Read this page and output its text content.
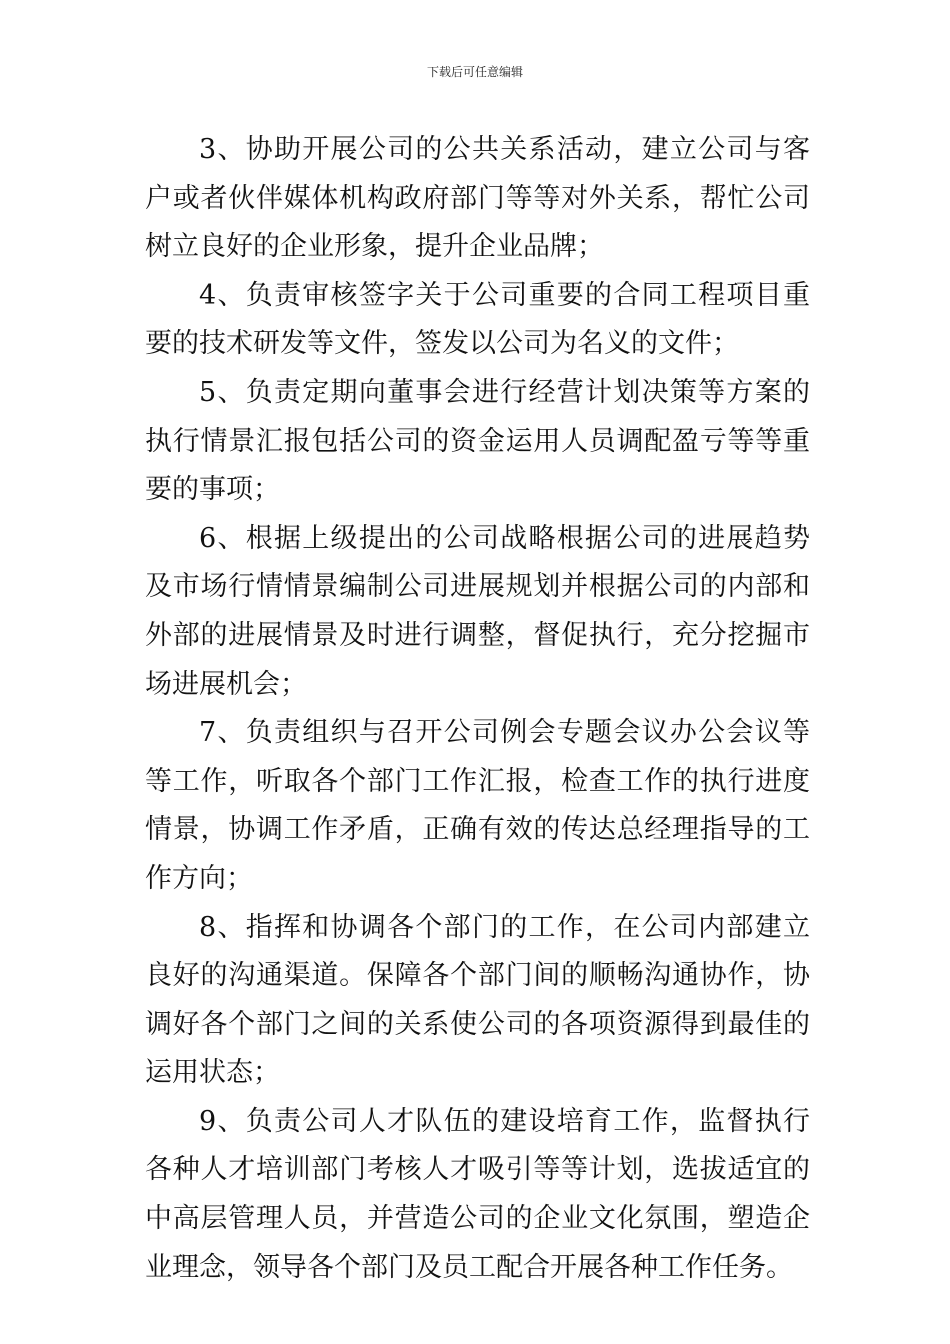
下载后可任意编辑

3、协助开展公司的公共关系活动，建立公司与客户或者伙伴媒体机构政府部门等等对外关系，帮忙公司树立良好的企业形象，提升企业品牌；

4、负责审核签字关于公司重要的合同工程项目重要的技术研发等文件，签发以公司为名义的文件；

5、负责定期向董事会进行经营计划决策等方案的执行情景汇报包括公司的资金运用人员调配盈亏等等重要的事项；

6、根据上级提出的公司战略根据公司的进展趋势及市场行情情景编制公司进展规划并根据公司的内部和外部的进展情景及时进行调整，督促执行，充分挖掘市场进展机会；

7、负责组织与召开公司例会专题会议办公会议等等工作，听取各个部门工作汇报，检查工作的执行进度情景，协调工作矛盾，正确有效的传达总经理指导的工作方向；

8、指挥和协调各个部门的工作，在公司内部建立良好的沟通渠道。保障各个部门间的顺畅沟通协作，协调好各个部门之间的关系使公司的各项资源得到最佳的运用状态；

9、负责公司人才队伍的建设培育工作，监督执行各种人才培训部门考核人才吸引等等计划，选拔适宜的中高层管理人员，并营造公司的企业文化氛围，塑造企业理念，领导各个部门及员工配合开展各种工作任务。
